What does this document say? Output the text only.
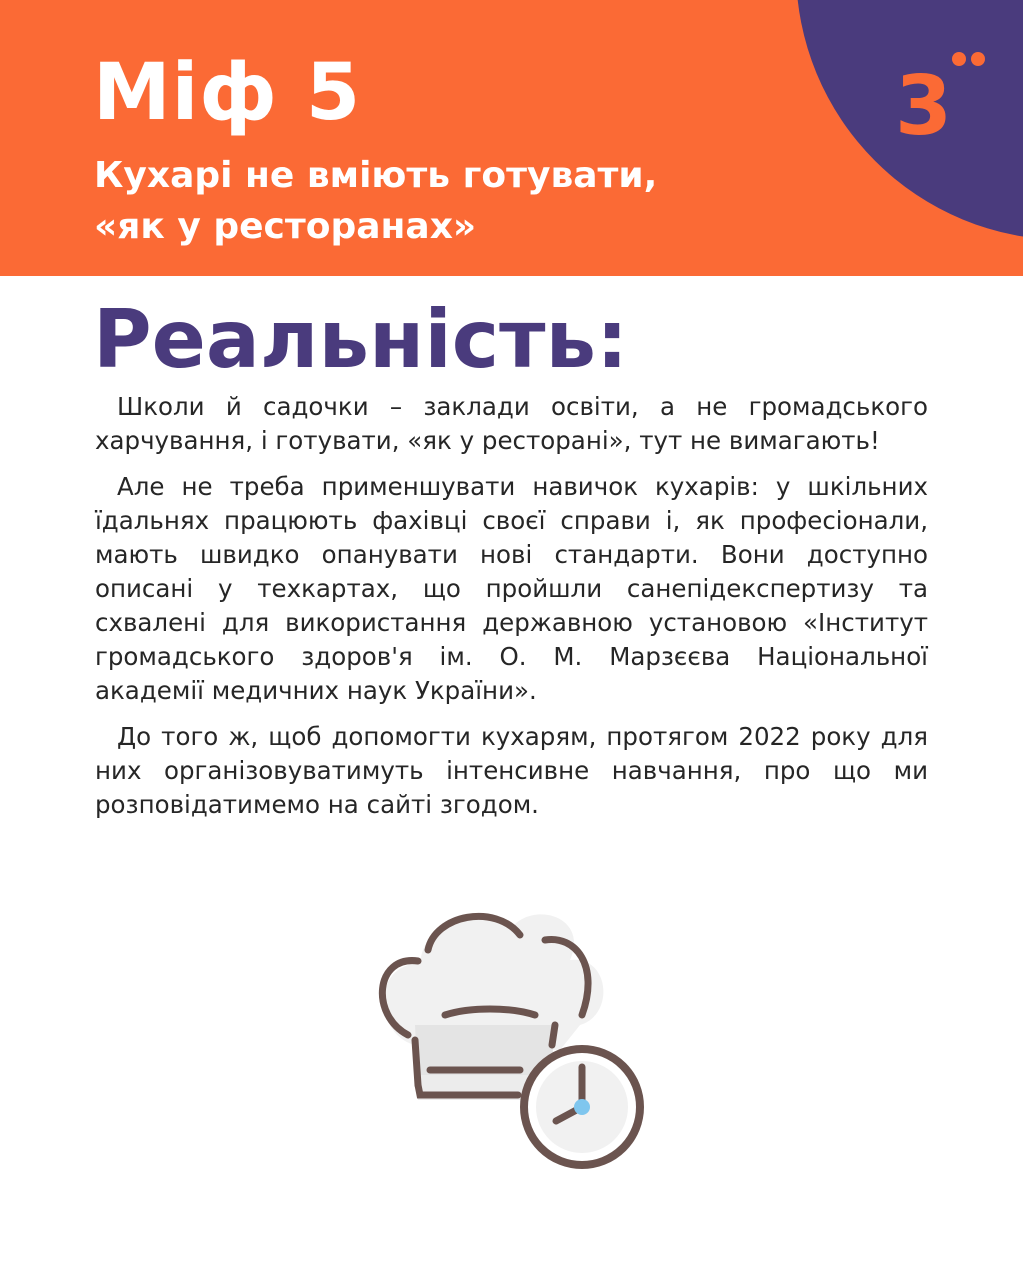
3
Міф 5
Кухарі не вміють готувати, «як у ресторанах»
Реальність:

Школи й садочки – заклади освіти, а не громадського харчування, і готувати, «як у ресторані», тут не вимагають!

Але не треба применшувати навичок кухарів: у шкільних їдальнях працюють фахівці своєї справи і, як професіонали, мають швидко опанувати нові стандарти. Вони доступно описані у техкартах, що пройшли санепідекспертизу та схвалені для використання державною установою «Інститут громадського здоров'я ім. О. М. Марзєєва Національної академії медичних наук України».

До того ж, щоб допомогти кухарям, протягом 2022 року для них організовуватимуть інтенсивне навчання, про що ми розповідатимемо на сайті згодом.
